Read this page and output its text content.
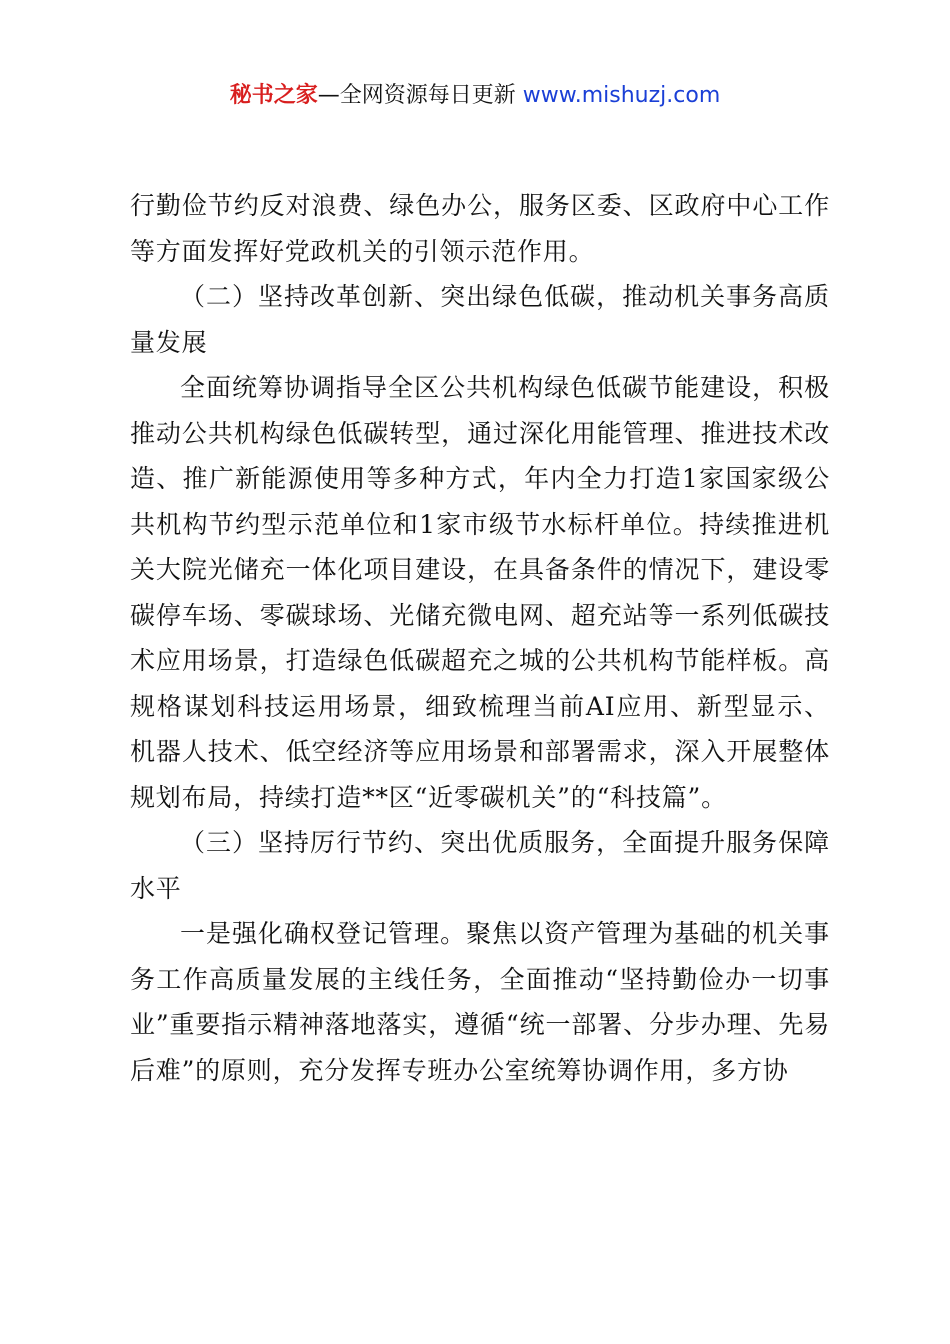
秘书之家—全网资源每日更新 www.mishuzj.com

行勤俭节约反对浪费、绿色办公，服务区委、区政府中心工作等方面发挥好党政机关的引领示范作用。

（二）坚持改革创新、突出绿色低碳，推动机关事务高质量发展

全面统筹协调指导全区公共机构绿色低碳节能建设，积极推动公共机构绿色低碳转型，通过深化用能管理、推进技术改造、推广新能源使用等多种方式，年内全力打造1家国家级公共机构节约型示范单位和1家市级节水标杆单位。持续推进机关大院光储充一体化项目建设，在具备条件的情况下，建设零碳停车场、零碳球场、光储充微电网、超充站等一系列低碳技术应用场景，打造绿色低碳超充之城的公共机构节能样板。高规格谋划科技运用场景，细致梳理当前AI应用、新型显示、机器人技术、低空经济等应用场景和部署需求，深入开展整体规划布局，持续打造**区“近零碳机关”的“科技篇”。

（三）坚持厉行节约、突出优质服务，全面提升服务保障水平

一是强化确权登记管理。聚焦以资产管理为基础的机关事务工作高质量发展的主线任务，全面推动“坚持勤俭办一切事业”重要指示精神落地落实，遵循“统一部署、分步办理、先易后难”的原则，充分发挥专班办公室统筹协调作用，多方协
